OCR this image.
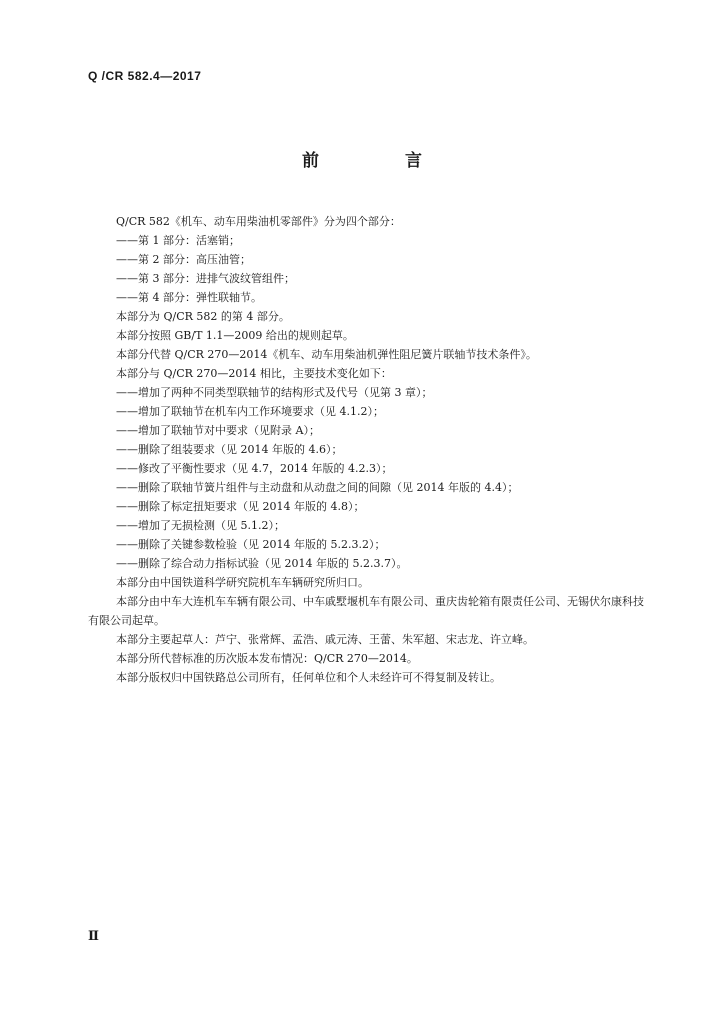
Q /CR 582.4—2017
前 言
Q/CR 582《机车、动车用柴油机零部件》分为四个部分：
——第 1 部分：活塞销；
——第 2 部分：高压油管；
——第 3 部分：进排气波纹管组件；
——第 4 部分：弹性联轴节。
本部分为 Q/CR 582 的第 4 部分。
本部分按照 GB/T 1.1—2009 给出的规则起草。
本部分代替 Q/CR 270—2014《机车、动车用柴油机弹性阻尼簧片联轴节技术条件》。
本部分与 Q/CR 270—2014 相比，主要技术变化如下：
——增加了两种不同类型联轴节的结构形式及代号（见第 3 章）；
——增加了联轴节在机车内工作环境要求（见 4.1.2）；
——增加了联轴节对中要求（见附录 A）；
——删除了组装要求（见 2014 年版的 4.6）；
——修改了平衡性要求（见 4.7，2014 年版的 4.2.3）；
——删除了联轴节簧片组件与主动盘和从动盘之间的间隙（见 2014 年版的 4.4）；
——删除了标定扭矩要求（见 2014 年版的 4.8）；
——增加了无损检测（见 5.1.2）；
——删除了关键参数检验（见 2014 年版的 5.2.3.2）；
——删除了综合动力指标试验（见 2014 年版的 5.2.3.7）。
本部分由中国铁道科学研究院机车车辆研究所归口。
本部分由中车大连机车车辆有限公司、中车戚墅堰机车有限公司、重庆齿轮箱有限责任公司、无锡伏尔康科技有限公司起草。
本部分主要起草人：芦宁、张常辉、孟浩、戚元涛、王蕾、朱军超、宋志龙、许立峰。
本部分所代替标准的历次版本发布情况：Q/CR 270—2014。
本部分版权归中国铁路总公司所有，任何单位和个人未经许可不得复制及转让。
Ⅱ
